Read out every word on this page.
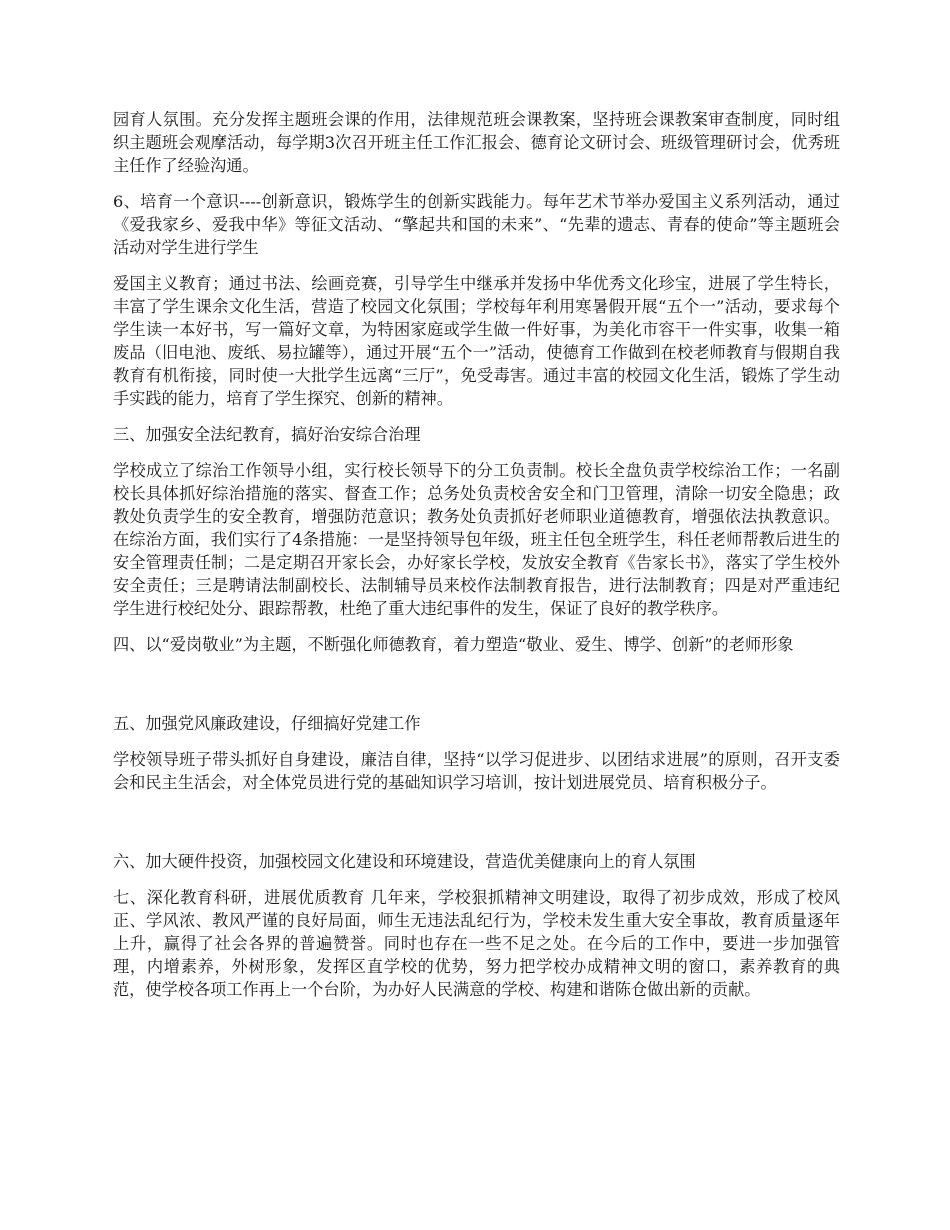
园育人氛围。充分发挥主题班会课的作用，法律规范班会课教案，坚持班会课教案审查制度，同时组织主题班会观摩活动，每学期3次召开班主任工作汇报会、德育论文研讨会、班级管理研讨会，优秀班主任作了经验沟通。

6、培育一个意识----创新意识，锻炼学生的创新实践能力。每年艺术节举办爱国主义系列活动，通过《爱我家乡、爱我中华》等征文活动、“擎起共和国的未来”、“先辈的遗志、青春的使命”等主题班会活动对学生进行学生

爱国主义教育；通过书法、绘画竞赛，引导学生中继承并发扬中华优秀文化珍宝，进展了学生特长，丰富了学生课余文化生活，营造了校园文化氛围；学校每年利用寒暑假开展“五个一”活动，要求每个学生读一本好书，写一篇好文章，为特困家庭或学生做一件好事，为美化市容干一件实事，收集一箱废品（旧电池、废纸、易拉罐等），通过开展“五个一”活动，使德育工作做到在校老师教育与假期自我教育有机衔接，同时使一大批学生远离“三厅”，免受毒害。通过丰富的校园文化生活，锻炼了学生动手实践的能力，培育了学生探究、创新的精神。

三、加强安全法纪教育，搞好治安综合治理

学校成立了综治工作领导小组，实行校长领导下的分工负责制。校长全盘负责学校综治工作；一名副校长具体抓好综治措施的落实、督查工作；总务处负责校舍安全和门卫管理，清除一切安全隐患；政教处负责学生的安全教育，增强防范意识；教务处负责抓好老师职业道德教育，增强依法执教意识。在综治方面，我们实行了4条措施：一是坚持领导包年级，班主任包全班学生，科任老师帮教后进生的安全管理责任制；二是定期召开家长会，办好家长学校，发放安全教育《告家长书》，落实了学生校外安全责任；三是聘请法制副校长、法制辅导员来校作法制教育报告，进行法制教育；四是对严重违纪学生进行校纪处分、跟踪帮教，杜绝了重大违纪事件的发生，保证了良好的教学秩序。

四、以“爱岗敬业”为主题，不断强化师德教育，着力塑造“敬业、爱生、博学、创新”的老师形象

五、加强党风廉政建设，仔细搞好党建工作

学校领导班子带头抓好自身建设，廉洁自律，坚持“以学习促进步、以团结求进展”的原则，召开支委会和民主生活会，对全体党员进行党的基础知识学习培训，按计划进展党员、培育积极分子。

六、加大硬件投资，加强校园文化建设和环境建设，营造优美健康向上的育人氛围

七、深化教育科研，进展优质教育 几年来，学校狠抓精神文明建设，取得了初步成效，形成了校风正、学风浓、教风严谨的良好局面，师生无违法乱纪行为，学校未发生重大安全事故，教育质量逐年上升，赢得了社会各界的普遍赞誉。同时也存在一些不足之处。在今后的工作中，要进一步加强管理，内增素养，外树形象，发挥区直学校的优势，努力把学校办成精神文明的窗口，素养教育的典范，使学校各项工作再上一个台阶，为办好人民满意的学校、构建和谐陈仓做出新的贡献。
